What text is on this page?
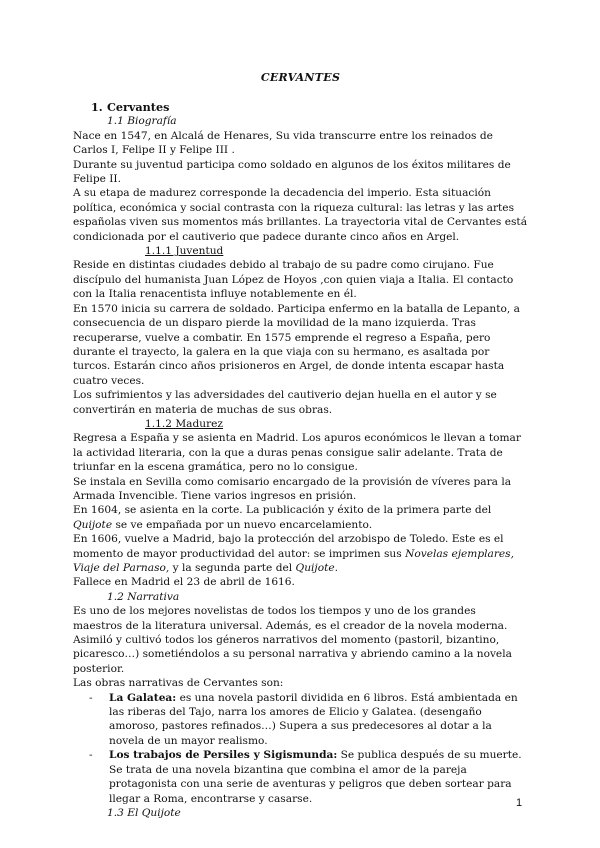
CERVANTES
1. Cervantes
1.1 Biografía

Nace en 1547, en Alcalá de Henares, Su vida transcurre entre los reinados de Carlos I, Felipe II y Felipe III .

Durante su juventud participa como soldado en algunos de los éxitos militares de Felipe II.

A su etapa de madurez corresponde la decadencia del imperio. Esta situación política, económica y social contrasta con la riqueza cultural: las letras y las artes españolas viven sus momentos más brillantes. La trayectoria vital de Cervantes está condicionada por el cautiverio que padece durante cinco años en Argel.

1.1.1 Juventud

Reside en distintas ciudades debido al trabajo de su padre como cirujano. Fue discípulo del humanista Juan López de Hoyos ,con quien viaja a Italia. El contacto con la Italia renacentista influye notablemente en él.

En 1570 inicia su carrera de soldado. Participa enfermo en la batalla de Lepanto, a consecuencia de un disparo pierde la movilidad de la mano izquierda. Tras recuperarse, vuelve a combatir. En 1575 emprende el regreso a España, pero durante el trayecto, la galera en la que viaja con su hermano, es asaltada por turcos. Estarán cinco años prisioneros en Argel, de donde intenta escapar hasta cuatro veces.

Los sufrimientos y las adversidades del cautiverio dejan huella en el autor y se convertirán en materia de muchas de sus obras.

1.1.2 Madurez

Regresa a España y se asienta en Madrid. Los apuros económicos le llevan a tomar la actividad literaria, con la que a duras penas consigue salir adelante. Trata de triunfar en la escena gramática, pero no lo consigue.

Se instala en Sevilla como comisario encargado de la provisión de víveres para la Armada Invencible. Tiene varios ingresos en prisión.

En 1604, se asienta en la corte. La publicación y éxito de la primera parte del Quijote se ve empañada por un nuevo encarcelamiento.

En 1606, vuelve a Madrid, bajo la protección del arzobispo de Toledo. Este es el momento de mayor productividad del autor: se imprimen sus Novelas ejemplares, Viaje del Parnaso, y la segunda parte del Quijote.

Fallece en Madrid el 23 de abril de 1616.

1.2 Narrativa

Es uno de los mejores novelistas de todos los tiempos y uno de los grandes maestros de la literatura universal. Además, es el creador de la novela moderna.

Asimiló y cultivó todos los géneros narrativos del momento (pastoril, bizantino, picaresco…) sometiéndolos a su personal narrativa y abriendo camino a la novela posterior.

Las obras narrativas de Cervantes son:

- La Galatea: es una novela pastoril dividida en 6 libros. Está ambientada en las riberas del Tajo, narra los amores de Elicio y Galatea. (desengaño amoroso, pastores refinados…) Supera a sus predecesores al dotar a la novela de un mayor realismo.
- Los trabajos de Persiles y Sigismunda: Se publica después de su muerte. Se trata de una novela bizantina que combina el amor de la pareja protagonista con una serie de aventuras y peligros que deben sortear para llegar a Roma, encontrarse y casarse.
1.3 El Quijote
1
